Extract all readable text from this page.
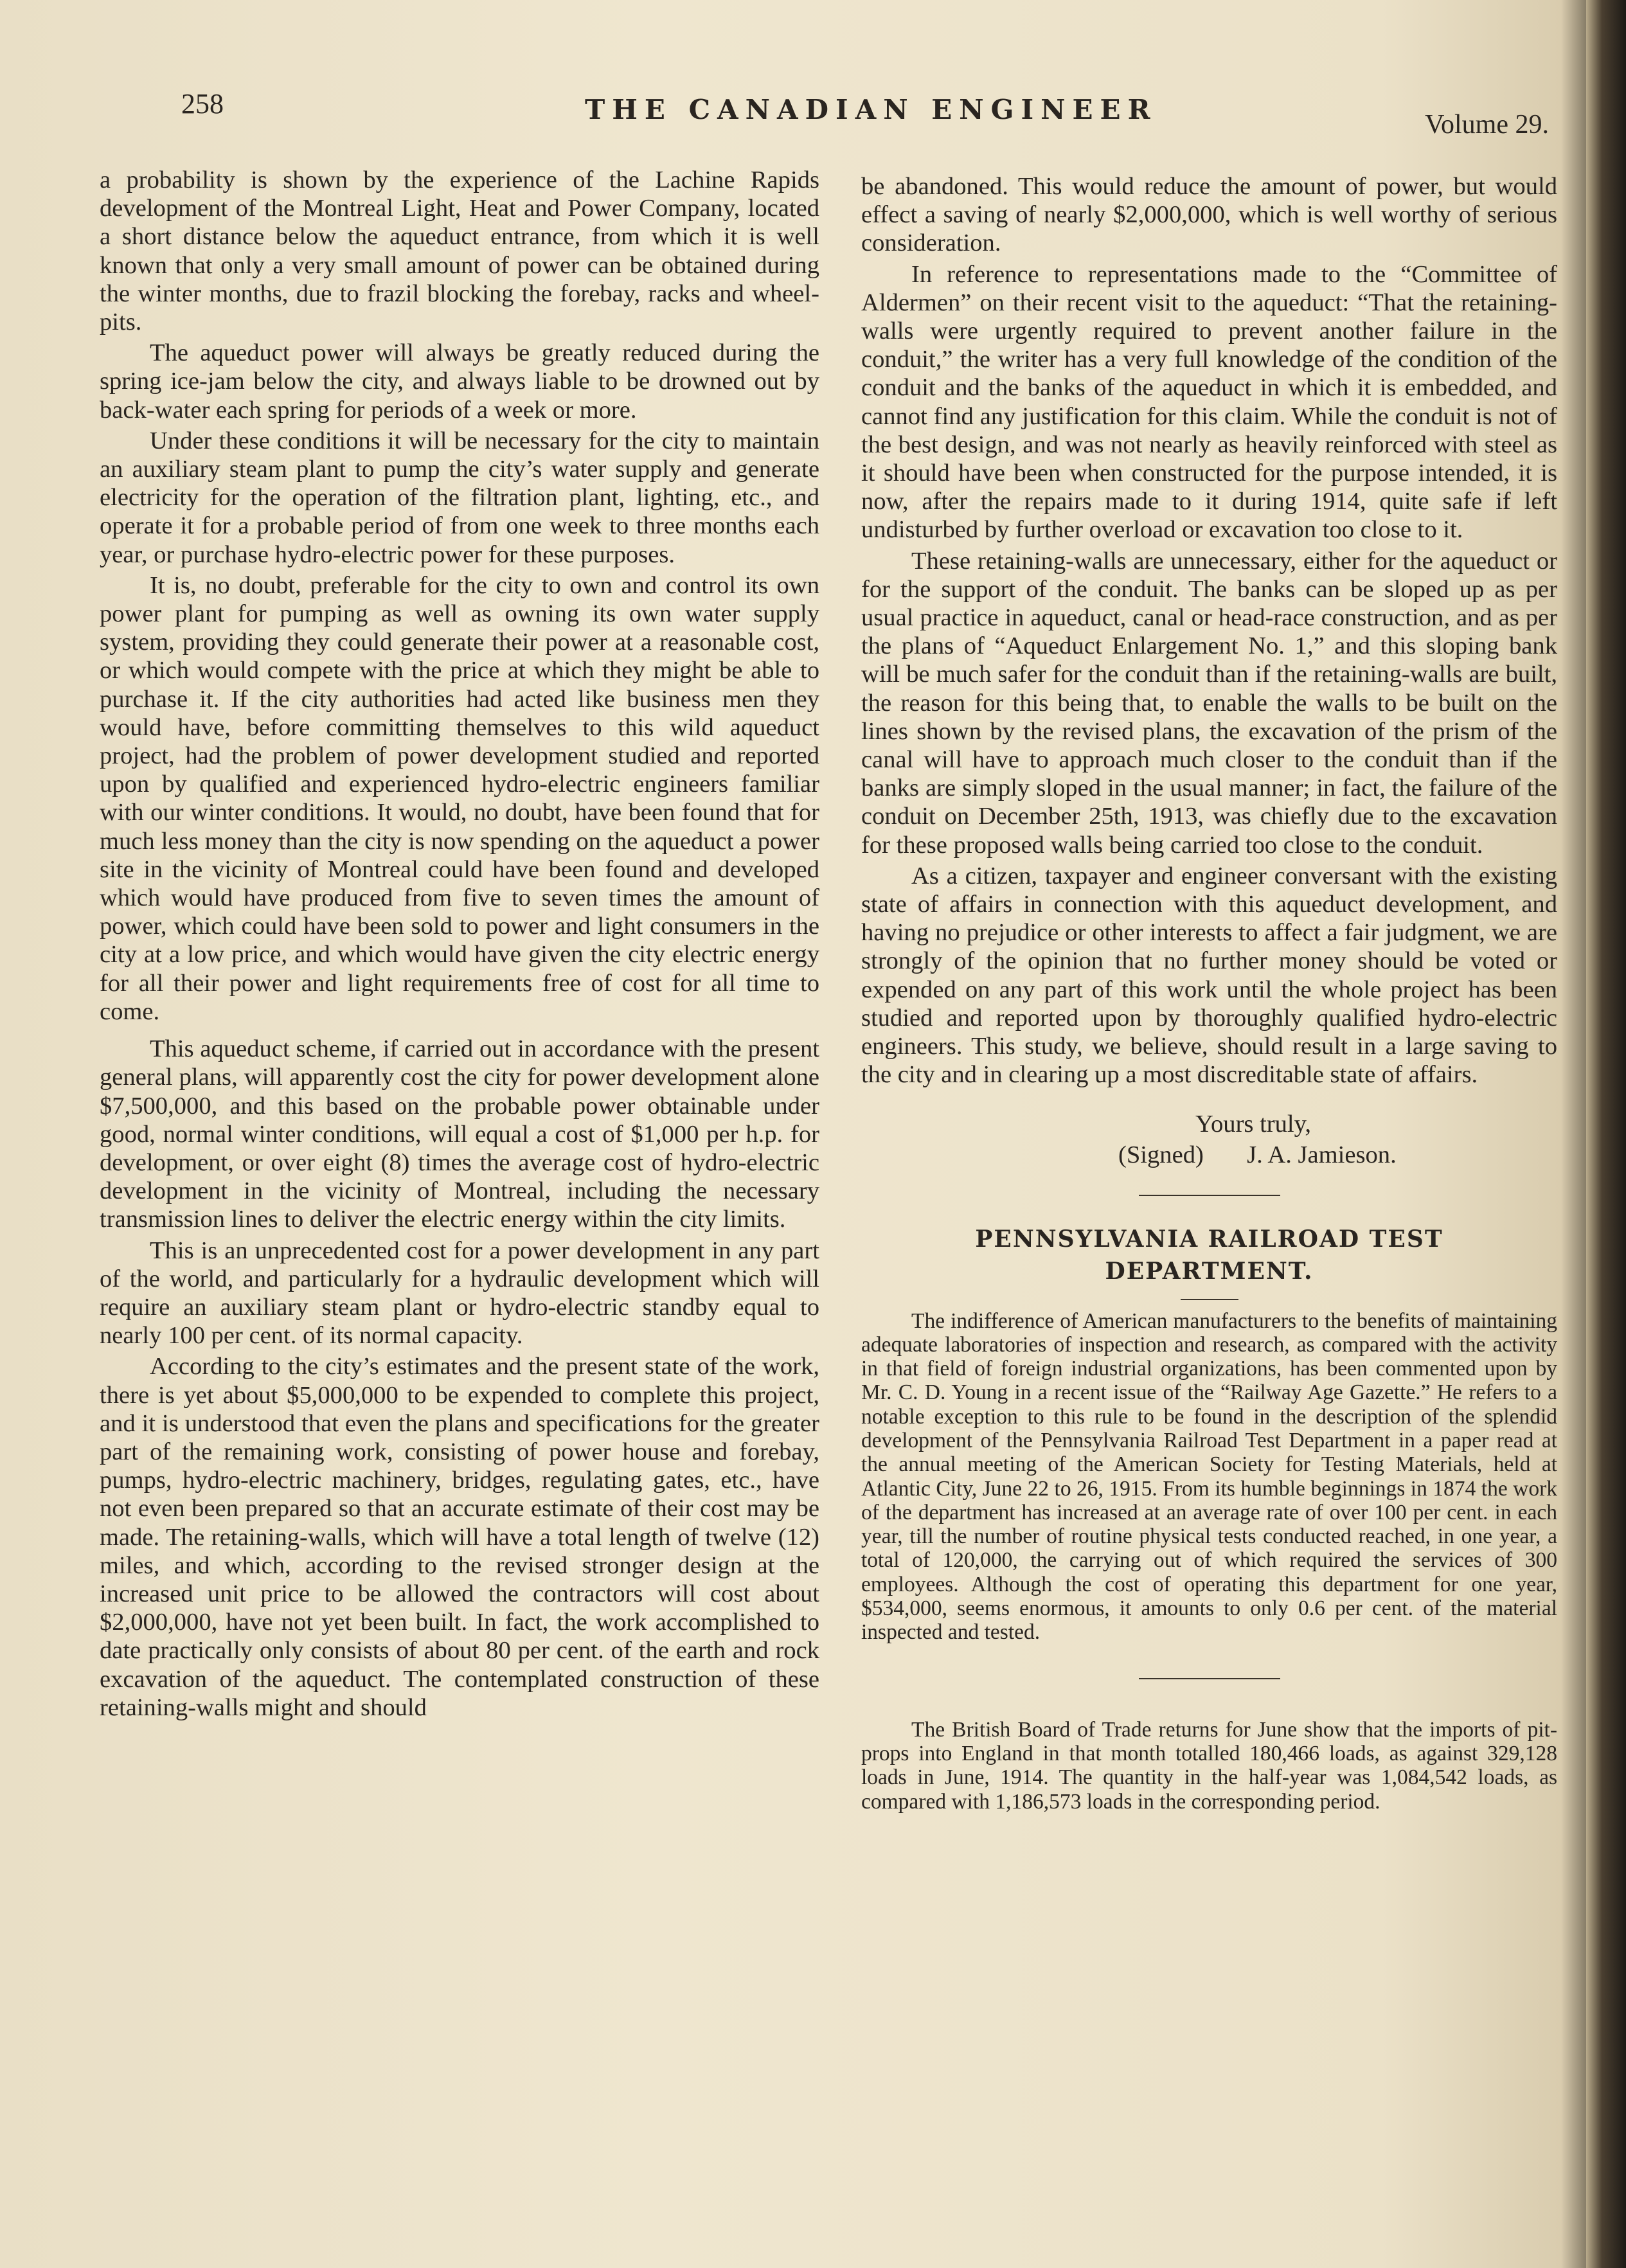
258	THE CANADIAN ENGINEER	Volume 29.

a probability is shown by the experience of the Lachine Rapids development of the Montreal Light, Heat and Power Company, located a short distance below the aqueduct entrance, from which it is well known that only a very small amount of power can be obtained during the winter months, due to frazil blocking the forebay, racks and wheel-pits.

The aqueduct power will always be greatly reduced during the spring ice-jam below the city, and always liable to be drowned out by back-water each spring for periods of a week or more.

Under these conditions it will be necessary for the city to maintain an auxiliary steam plant to pump the city’s water supply and generate electricity for the operation of the filtration plant, lighting, etc., and operate it for a probable period of from one week to three months each year, or purchase hydro-electric power for these purposes.

It is, no doubt, preferable for the city to own and control its own power plant for pumping as well as owning its own water supply system, providing they could generate their power at a reasonable cost, or which would compete with the price at which they might be able to purchase it. If the city authorities had acted like business men they would have, before committing themselves to this wild aqueduct project, had the problem of power development studied and reported upon by qualified and experienced hydro-electric engineers familiar with our winter conditions. It would, no doubt, have been found that for much less money than the city is now spending on the aqueduct a power site in the vicinity of Montreal could have been found and developed which would have produced from five to seven times the amount of power, which could have been sold to power and light consumers in the city at a low price, and which would have given the city electric energy for all their power and light requirements free of cost for all time to come.

This aqueduct scheme, if carried out in accordance with the present general plans, will apparently cost the city for power development alone $7,500,000, and this based on the probable power obtainable under good, normal winter conditions, will equal a cost of $1,000 per h.p. for development, or over eight (8) times the average cost of hydro-electric development in the vicinity of Montreal, including the necessary transmission lines to deliver the electric energy within the city limits.

This is an unprecedented cost for a power development in any part of the world, and particularly for a hydraulic development which will require an auxiliary steam plant or hydro-electric standby equal to nearly 100 per cent. of its normal capacity.

According to the city’s estimates and the present state of the work, there is yet about $5,000,000 to be expended to complete this project, and it is understood that even the plans and specifications for the greater part of the remaining work, consisting of power house and forebay, pumps, hydro-electric machinery, bridges, regulating gates, etc., have not even been prepared so that an accurate estimate of their cost may be made. The retaining-walls, which will have a total length of twelve (12) miles, and which, according to the revised stronger design at the increased unit price to be allowed the contractors will cost about $2,000,000, have not yet been built. In fact, the work accomplished to date practically only consists of about 80 per cent. of the earth and rock excavation of the aqueduct. The contemplated construction of these retaining-walls might and should

be abandoned. This would reduce the amount of power, but would effect a saving of nearly $2,000,000, which is well worthy of serious consideration.

In reference to representations made to the “Committee of Aldermen” on their recent visit to the aqueduct: “That the retaining-walls were urgently required to prevent another failure in the conduit,” the writer has a very full knowledge of the condition of the conduit and the banks of the aqueduct in which it is embedded, and cannot find any justification for this claim. While the conduit is not of the best design, and was not nearly as heavily reinforced with steel as it should have been when constructed for the purpose intended, it is now, after the repairs made to it during 1914, quite safe if left undisturbed by further overload or excavation too close to it.

These retaining-walls are unnecessary, either for the aqueduct or for the support of the conduit. The banks can be sloped up as per usual practice in aqueduct, canal or head-race construction, and as per the plans of “Aqueduct Enlargement No. 1,” and this sloping bank will be much safer for the conduit than if the retaining-walls are built, the reason for this being that, to enable the walls to be built on the lines shown by the revised plans, the excavation of the prism of the canal will have to approach much closer to the conduit than if the banks are simply sloped in the usual manner; in fact, the failure of the conduit on December 25th, 1913, was chiefly due to the excavation for these proposed walls being carried too close to the conduit.

As a citizen, taxpayer and engineer conversant with the existing state of affairs in connection with this aqueduct development, and having no prejudice or other interests to affect a fair judgment, we are strongly of the opinion that no further money should be voted or expended on any part of this work until the whole project has been studied and reported upon by thoroughly qualified hydro-electric engineers. This study, we believe, should result in a large saving to the city and in clearing up a most discreditable state of affairs.

Yours truly,
(Signed) J. A. Jamieson.
PENNSYLVANIA RAILROAD TEST
DEPARTMENT.

The indifference of American manufacturers to the benefits of maintaining adequate laboratories of inspection and research, as compared with the activity in that field of foreign industrial organizations, has been commented upon by Mr. C. D. Young in a recent issue of the “Railway Age Gazette.” He refers to a notable exception to this rule to be found in the description of the splendid development of the Pennsylvania Railroad Test Department in a paper read at the annual meeting of the American Society for Testing Materials, held at Atlantic City, June 22 to 26, 1915. From its humble beginnings in 1874 the work of the department has increased at an average rate of over 100 per cent. in each year, till the number of routine physical tests conducted reached, in one year, a total of 120,000, the carrying out of which required the services of 300 employees. Although the cost of operating this department for one year, $534,000, seems enormous, it amounts to only 0.6 per cent. of the material inspected and tested.

The British Board of Trade returns for June show that the imports of pit-props into England in that month totalled 180,466 loads, as against 329,128 loads in June, 1914. The quantity in the half-year was 1,084,542 loads, as compared with 1,186,573 loads in the corresponding period.
